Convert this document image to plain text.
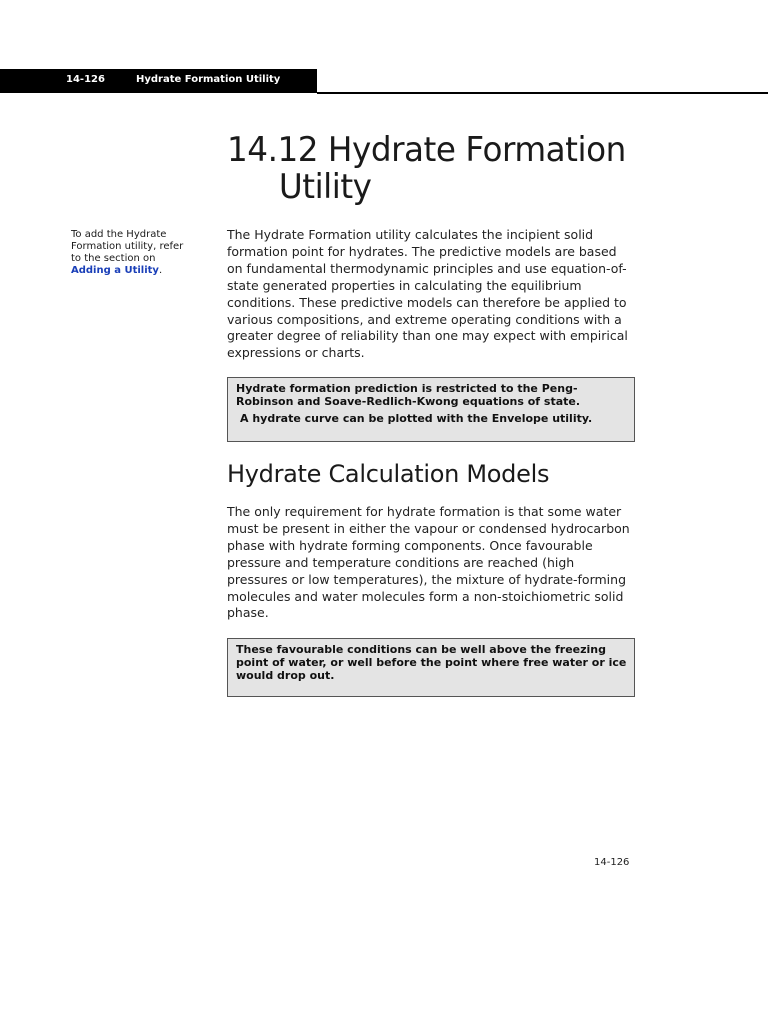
14-126	Hydrate Formation Utility
14.12 Hydrate Formation
Utility
To add the Hydrate Formation utility, refer to the section on Adding a Utility.

The Hydrate Formation utility calculates the incipient solid formation point for hydrates. The predictive models are based on fundamental thermodynamic principles and use equation-of-state generated properties in calculating the equilibrium conditions. These predictive models can therefore be applied to various compositions, and extreme operating conditions with a greater degree of reliability than one may expect with empirical expressions or charts.

Hydrate formation prediction is restricted to the Peng-Robinson and Soave-Redlich-Kwong equations of state.
A hydrate curve can be plotted with the Envelope utility.
Hydrate Calculation Models

The only requirement for hydrate formation is that some water must be present in either the vapour or condensed hydrocarbon phase with hydrate forming components. Once favourable pressure and temperature conditions are reached (high pressures or low temperatures), the mixture of hydrate-forming molecules and water molecules form a non-stoichiometric solid phase.

These favourable conditions can be well above the freezing point of water, or well before the point where free water or ice would drop out.
14-126
